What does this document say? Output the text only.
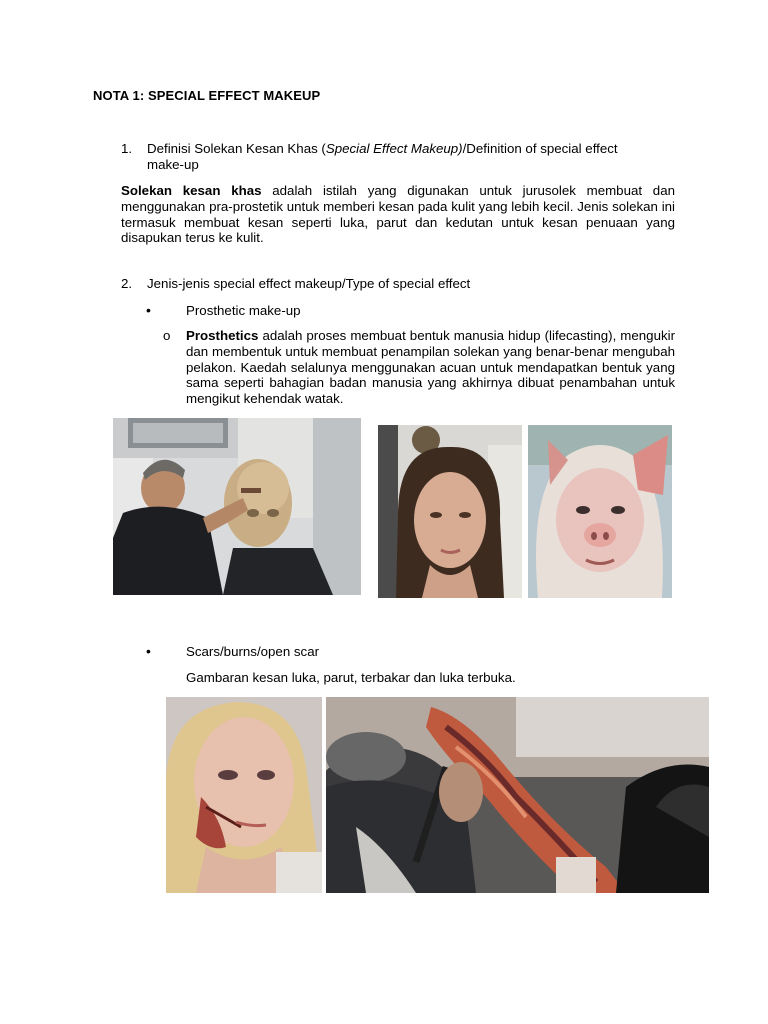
NOTA 1: SPECIAL EFFECT MAKEUP
1. Definisi Solekan Kesan Khas (Special Effect Makeup)/Definition of special effect
make-up
Solekan kesan khas adalah istilah yang digunakan untuk jurusolek membuat dan menggunakan pra-prostetik untuk memberi kesan pada kulit yang lebih kecil. Jenis solekan ini termasuk membuat kesan seperti luka, parut dan kedutan untuk kesan penuaan yang disapukan terus ke kulit.
2. Jenis-jenis special effect makeup/Type of special effect
•	Prosthetic make-up
o Prosthetics adalah proses membuat bentuk manusia hidup (lifecasting), mengukir dan membentuk untuk membuat penampilan solekan yang benar-benar mengubah pelakon. Kaedah selalunya menggunakan acuan untuk mendapatkan bentuk yang sama seperti bahagian badan manusia yang akhirnya dibuat penambahan untuk mengikut kehendak watak.
•	Scars/burns/open scar
Gambaran kesan luka, parut, terbakar dan luka terbuka.
